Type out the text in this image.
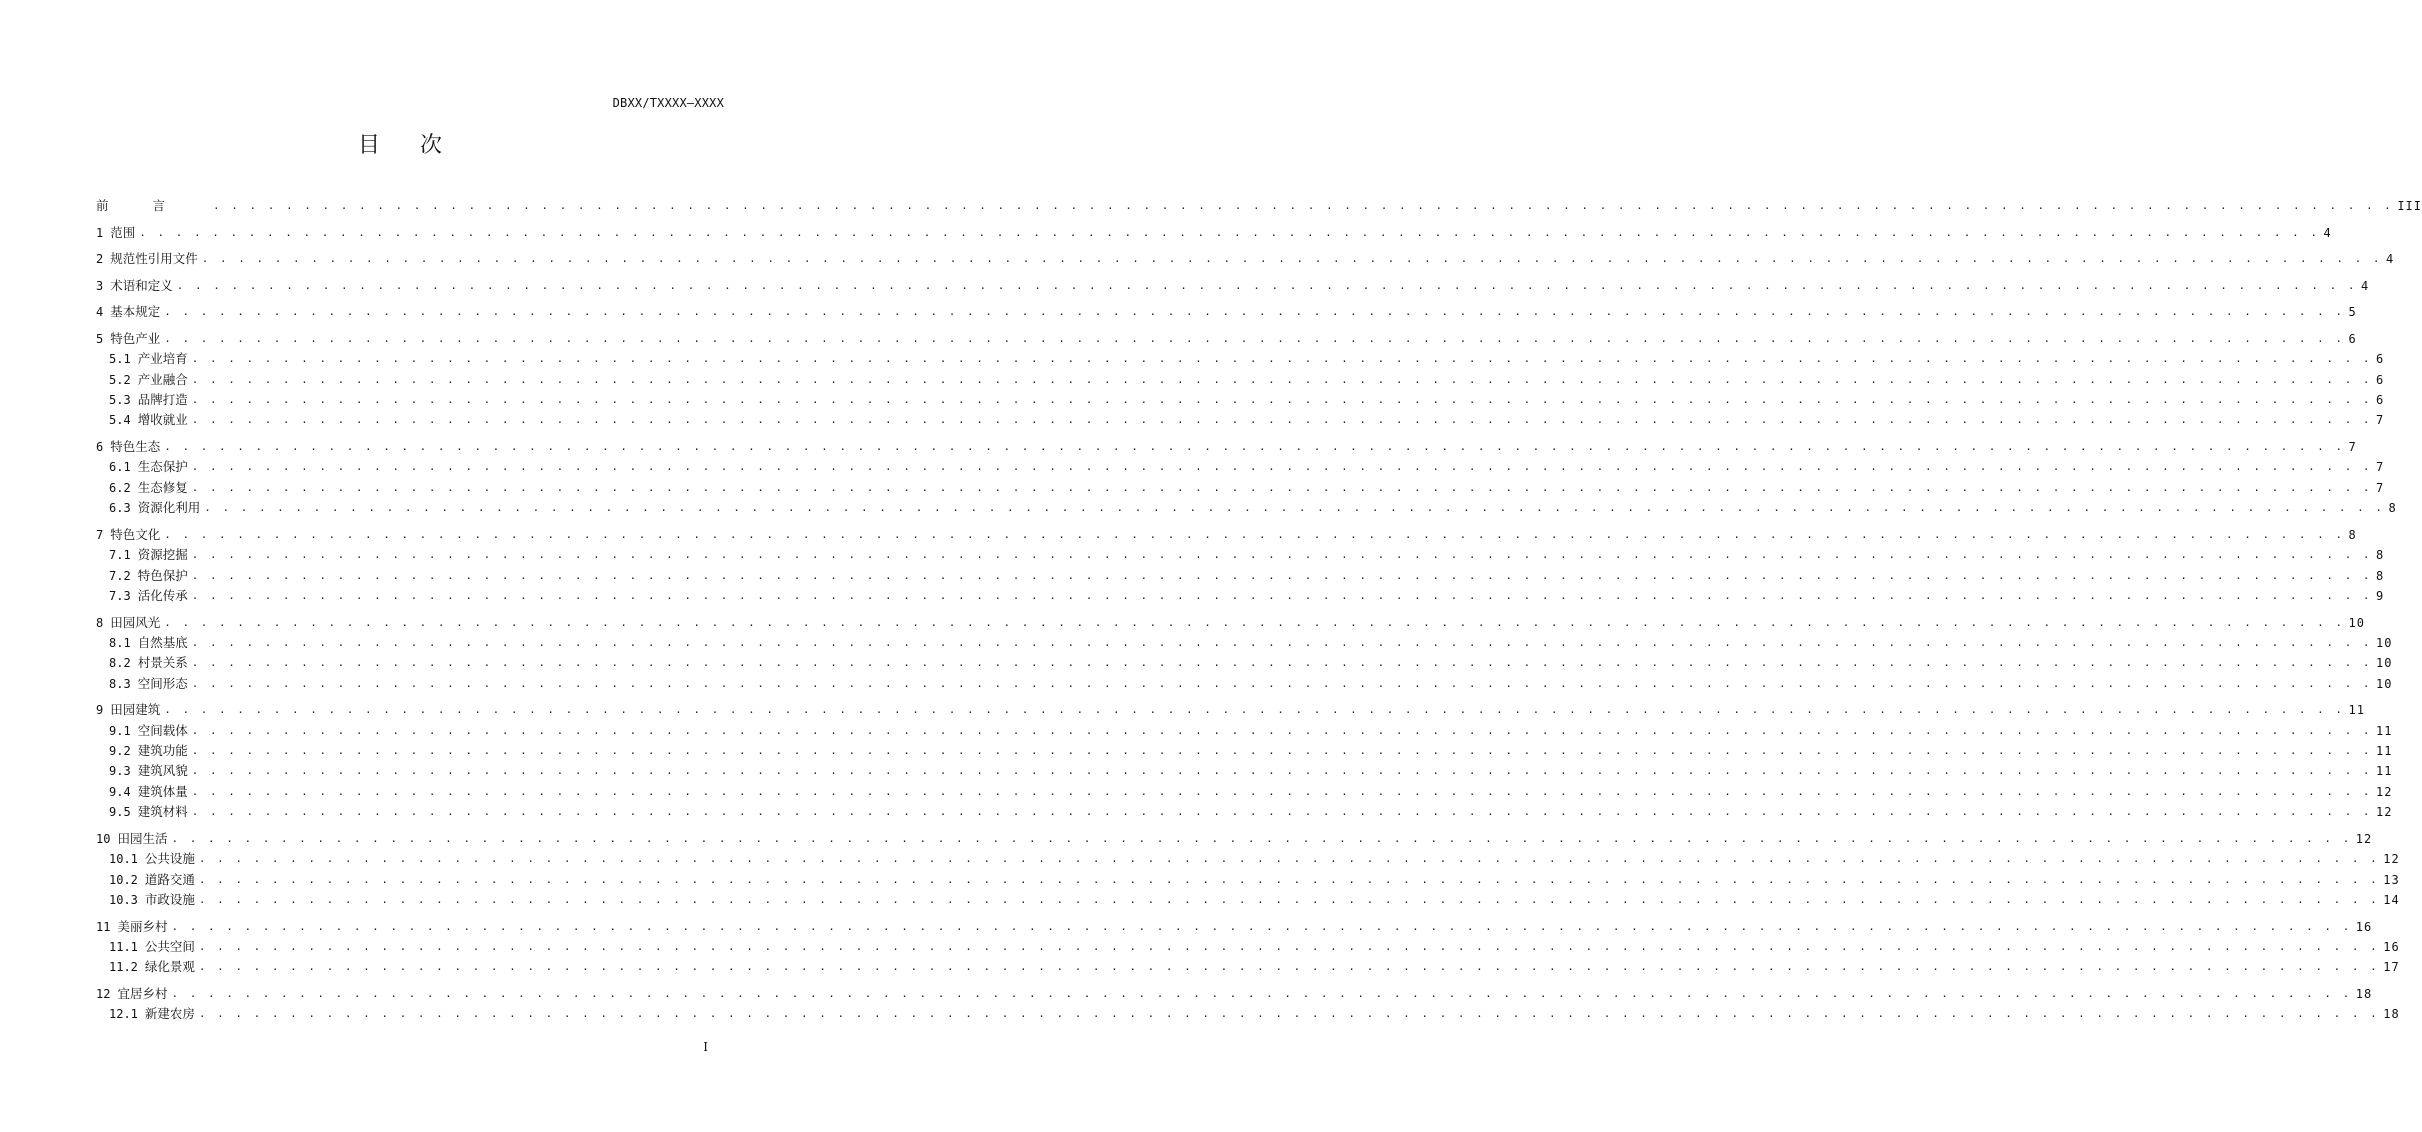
DBXX/TXXXX—XXXX
目次
前言 . . . . . . . . . . . . . . . . . . . . . . . . . . . . . . . . . . . . . . . . . . . . . . . . . . . . . . . . . . . . . . . . . . . . . . . . . . . . . . . . . . . . . . . . . . . . . . . . . . . . . . . . . . . . . . . . . . . . . . . . III
1 范围 . . . . . . . . . . . . . . . . . . . . . . . . . . . . . . . . . . . . . . . . . . . . . . . . . . . . . . . . . . . . . . . . . . . . . . . . . . . . . . . . . . . . . . . . . . . . . . . . . . . . . . . . . . . . . . . . . . . . . . . . 4
2 规范性引用文件 . . . . . . . . . . . . . . . . . . . . . . . . . . . . . . . . . . . . . . . . . . . . . . . . . . . . . . . . . . . . . . . . . . . . . . . . . . . . . . . . . . . . . . . . . . . . . . . . . . . . . . . . . . . . . . . . . . . . . . . . 4
3 术语和定义 . . . . . . . . . . . . . . . . . . . . . . . . . . . . . . . . . . . . . . . . . . . . . . . . . . . . . . . . . . . . . . . . . . . . . . . . . . . . . . . . . . . . . . . . . . . . . . . . . . . . . . . . . . . . . . . . . . . . . . . . 4
4 基本规定 . . . . . . . . . . . . . . . . . . . . . . . . . . . . . . . . . . . . . . . . . . . . . . . . . . . . . . . . . . . . . . . . . . . . . . . . . . . . . . . . . . . . . . . . . . . . . . . . . . . . . . . . . . . . . . . . . . . . . . . . 5
5 特色产业 . . . . . . . . . . . . . . . . . . . . . . . . . . . . . . . . . . . . . . . . . . . . . . . . . . . . . . . . . . . . . . . . . . . . . . . . . . . . . . . . . . . . . . . . . . . . . . . . . . . . . . . . . . . . . . . . . . . . . . . . 6
5.1 产业培育 . . . . . . . . . . . . . . . . . . . . . . . . . . . . . . . . . . . . . . . . . . . . . . . . . . . . . . . . . . . . . . . . . . . . . . . . . . . . . . . . . . . . . . . . . . . . . . . . . . . . . . . . . . . . . . . . . . . . . . . . 6
5.2 产业融合 . . . . . . . . . . . . . . . . . . . . . . . . . . . . . . . . . . . . . . . . . . . . . . . . . . . . . . . . . . . . . . . . . . . . . . . . . . . . . . . . . . . . . . . . . . . . . . . . . . . . . . . . . . . . . . . . . . . . . . . . 6
5.3 品牌打造 . . . . . . . . . . . . . . . . . . . . . . . . . . . . . . . . . . . . . . . . . . . . . . . . . . . . . . . . . . . . . . . . . . . . . . . . . . . . . . . . . . . . . . . . . . . . . . . . . . . . . . . . . . . . . . . . . . . . . . . . 6
5.4 增收就业 . . . . . . . . . . . . . . . . . . . . . . . . . . . . . . . . . . . . . . . . . . . . . . . . . . . . . . . . . . . . . . . . . . . . . . . . . . . . . . . . . . . . . . . . . . . . . . . . . . . . . . . . . . . . . . . . . . . . . . . . 7
6 特色生态 . . . . . . . . . . . . . . . . . . . . . . . . . . . . . . . . . . . . . . . . . . . . . . . . . . . . . . . . . . . . . . . . . . . . . . . . . . . . . . . . . . . . . . . . . . . . . . . . . . . . . . . . . . . . . . . . . . . . . . . . 7
6.1 生态保护 . . . . . . . . . . . . . . . . . . . . . . . . . . . . . . . . . . . . . . . . . . . . . . . . . . . . . . . . . . . . . . . . . . . . . . . . . . . . . . . . . . . . . . . . . . . . . . . . . . . . . . . . . . . . . . . . . . . . . . . . 7
6.2 生态修复 . . . . . . . . . . . . . . . . . . . . . . . . . . . . . . . . . . . . . . . . . . . . . . . . . . . . . . . . . . . . . . . . . . . . . . . . . . . . . . . . . . . . . . . . . . . . . . . . . . . . . . . . . . . . . . . . . . . . . . . . 7
6.3 资源化利用 . . . . . . . . . . . . . . . . . . . . . . . . . . . . . . . . . . . . . . . . . . . . . . . . . . . . . . . . . . . . . . . . . . . . . . . . . . . . . . . . . . . . . . . . . . . . . . . . . . . . . . . . . . . . . . . . . . . . . . . . 8
7 特色文化 . . . . . . . . . . . . . . . . . . . . . . . . . . . . . . . . . . . . . . . . . . . . . . . . . . . . . . . . . . . . . . . . . . . . . . . . . . . . . . . . . . . . . . . . . . . . . . . . . . . . . . . . . . . . . . . . . . . . . . . . 8
7.1 资源挖掘 . . . . . . . . . . . . . . . . . . . . . . . . . . . . . . . . . . . . . . . . . . . . . . . . . . . . . . . . . . . . . . . . . . . . . . . . . . . . . . . . . . . . . . . . . . . . . . . . . . . . . . . . . . . . . . . . . . . . . . . . 8
7.2 特色保护 . . . . . . . . . . . . . . . . . . . . . . . . . . . . . . . . . . . . . . . . . . . . . . . . . . . . . . . . . . . . . . . . . . . . . . . . . . . . . . . . . . . . . . . . . . . . . . . . . . . . . . . . . . . . . . . . . . . . . . . . 8
7.3 活化传承 . . . . . . . . . . . . . . . . . . . . . . . . . . . . . . . . . . . . . . . . . . . . . . . . . . . . . . . . . . . . . . . . . . . . . . . . . . . . . . . . . . . . . . . . . . . . . . . . . . . . . . . . . . . . . . . . . . . . . . . . 9
8 田园风光 . . . . . . . . . . . . . . . . . . . . . . . . . . . . . . . . . . . . . . . . . . . . . . . . . . . . . . . . . . . . . . . . . . . . . . . . . . . . . . . . . . . . . . . . . . . . . . . . . . . . . . . . . . . . . . . . . . . . . . . . 10
8.1 自然基底 . . . . . . . . . . . . . . . . . . . . . . . . . . . . . . . . . . . . . . . . . . . . . . . . . . . . . . . . . . . . . . . . . . . . . . . . . . . . . . . . . . . . . . . . . . . . . . . . . . . . . . . . . . . . . . . . . . . . . . . . 10
8.2 村景关系 . . . . . . . . . . . . . . . . . . . . . . . . . . . . . . . . . . . . . . . . . . . . . . . . . . . . . . . . . . . . . . . . . . . . . . . . . . . . . . . . . . . . . . . . . . . . . . . . . . . . . . . . . . . . . . . . . . . . . . . . 10
8.3 空间形态 . . . . . . . . . . . . . . . . . . . . . . . . . . . . . . . . . . . . . . . . . . . . . . . . . . . . . . . . . . . . . . . . . . . . . . . . . . . . . . . . . . . . . . . . . . . . . . . . . . . . . . . . . . . . . . . . . . . . . . . . 10
9 田园建筑 . . . . . . . . . . . . . . . . . . . . . . . . . . . . . . . . . . . . . . . . . . . . . . . . . . . . . . . . . . . . . . . . . . . . . . . . . . . . . . . . . . . . . . . . . . . . . . . . . . . . . . . . . . . . . . . . . . . . . . . . 11
9.1 空间载体 . . . . . . . . . . . . . . . . . . . . . . . . . . . . . . . . . . . . . . . . . . . . . . . . . . . . . . . . . . . . . . . . . . . . . . . . . . . . . . . . . . . . . . . . . . . . . . . . . . . . . . . . . . . . . . . . . . . . . . . . 11
9.2 建筑功能 . . . . . . . . . . . . . . . . . . . . . . . . . . . . . . . . . . . . . . . . . . . . . . . . . . . . . . . . . . . . . . . . . . . . . . . . . . . . . . . . . . . . . . . . . . . . . . . . . . . . . . . . . . . . . . . . . . . . . . . . 11
9.3 建筑风貌 . . . . . . . . . . . . . . . . . . . . . . . . . . . . . . . . . . . . . . . . . . . . . . . . . . . . . . . . . . . . . . . . . . . . . . . . . . . . . . . . . . . . . . . . . . . . . . . . . . . . . . . . . . . . . . . . . . . . . . . . 11
9.4 建筑体量 . . . . . . . . . . . . . . . . . . . . . . . . . . . . . . . . . . . . . . . . . . . . . . . . . . . . . . . . . . . . . . . . . . . . . . . . . . . . . . . . . . . . . . . . . . . . . . . . . . . . . . . . . . . . . . . . . . . . . . . . 12
9.5 建筑材料 . . . . . . . . . . . . . . . . . . . . . . . . . . . . . . . . . . . . . . . . . . . . . . . . . . . . . . . . . . . . . . . . . . . . . . . . . . . . . . . . . . . . . . . . . . . . . . . . . . . . . . . . . . . . . . . . . . . . . . . . 12
10 田园生活 . . . . . . . . . . . . . . . . . . . . . . . . . . . . . . . . . . . . . . . . . . . . . . . . . . . . . . . . . . . . . . . . . . . . . . . . . . . . . . . . . . . . . . . . . . . . . . . . . . . . . . . . . . . . . . . . . . . . . . . . 12
10.1 公共设施 . . . . . . . . . . . . . . . . . . . . . . . . . . . . . . . . . . . . . . . . . . . . . . . . . . . . . . . . . . . . . . . . . . . . . . . . . . . . . . . . . . . . . . . . . . . . . . . . . . . . . . . . . . . . . . . . . . . . . . . . 12
10.2 道路交通 . . . . . . . . . . . . . . . . . . . . . . . . . . . . . . . . . . . . . . . . . . . . . . . . . . . . . . . . . . . . . . . . . . . . . . . . . . . . . . . . . . . . . . . . . . . . . . . . . . . . . . . . . . . . . . . . . . . . . . . . 13
10.3 市政设施 . . . . . . . . . . . . . . . . . . . . . . . . . . . . . . . . . . . . . . . . . . . . . . . . . . . . . . . . . . . . . . . . . . . . . . . . . . . . . . . . . . . . . . . . . . . . . . . . . . . . . . . . . . . . . . . . . . . . . . . . 14
11 美丽乡村 . . . . . . . . . . . . . . . . . . . . . . . . . . . . . . . . . . . . . . . . . . . . . . . . . . . . . . . . . . . . . . . . . . . . . . . . . . . . . . . . . . . . . . . . . . . . . . . . . . . . . . . . . . . . . . . . . . . . . . . . 16
11.1 公共空间 . . . . . . . . . . . . . . . . . . . . . . . . . . . . . . . . . . . . . . . . . . . . . . . . . . . . . . . . . . . . . . . . . . . . . . . . . . . . . . . . . . . . . . . . . . . . . . . . . . . . . . . . . . . . . . . . . . . . . . . . 16
11.2 绿化景观 . . . . . . . . . . . . . . . . . . . . . . . . . . . . . . . . . . . . . . . . . . . . . . . . . . . . . . . . . . . . . . . . . . . . . . . . . . . . . . . . . . . . . . . . . . . . . . . . . . . . . . . . . . . . . . . . . . . . . . . . 17
12 宜居乡村 . . . . . . . . . . . . . . . . . . . . . . . . . . . . . . . . . . . . . . . . . . . . . . . . . . . . . . . . . . . . . . . . . . . . . . . . . . . . . . . . . . . . . . . . . . . . . . . . . . . . . . . . . . . . . . . . . . . . . . . . 18
12.1 新建农房 . . . . . . . . . . . . . . . . . . . . . . . . . . . . . . . . . . . . . . . . . . . . . . . . . . . . . . . . . . . . . . . . . . . . . . . . . . . . . . . . . . . . . . . . . . . . . . . . . . . . . . . . . . . . . . . . . . . . . . . . 18
I
